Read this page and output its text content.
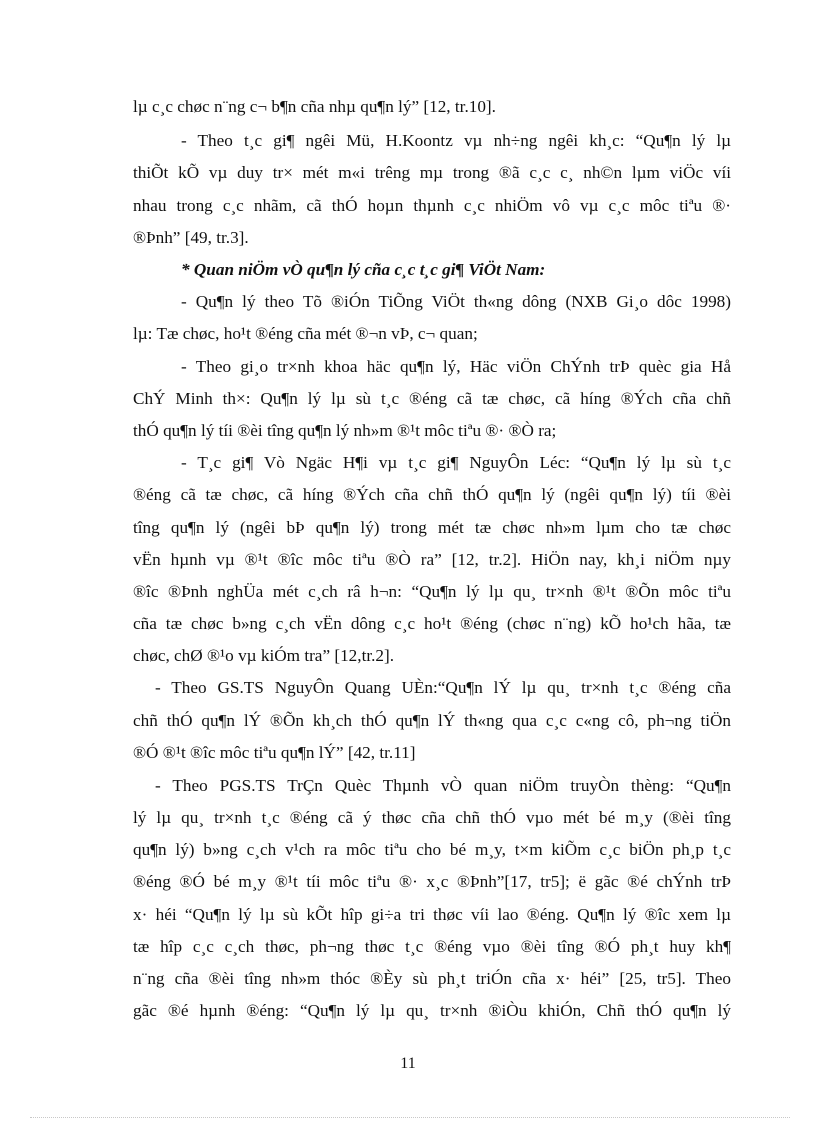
lµ c¸c chøc n¨ng c¬ b¶n cña nhµ qu¶n lý” [12, tr.10].
- Theo t¸c gi¶ ngêi Mü, H.Koontz vµ nh÷ng ngêi kh¸c: “Qu¶n lý lµ
thiÕt kÕ vµ duy tr× mét m«i trêng mµ trong ®ã c¸c c¸ nh©n lµm viÖc víi
nhau trong c¸c nhãm, cã thÓ hoµn thµnh c¸c nhiÖm vô vµ c¸c môc tiªu ®·
®Þnh” [49, tr.3].
* Quan niÖm vÒ qu¶n lý cña c¸c t¸c gi¶ ViÖt Nam:
- Qu¶n lý theo Tõ ®iÓn TiÕng ViÖt th«ng dông (NXB Gi¸o dôc 1998)
lµ: Tæ chøc, ho¹t ®éng cña mét ®¬n vÞ, c¬ quan;
- Theo gi¸o tr×nh khoa häc qu¶n lý, Häc viÖn ChÝnh trÞ quèc gia Hå
ChÝ Minh th×: Qu¶n lý lµ sù t¸c ®éng cã tæ chøc, cã híng ®Ých cña chñ
thÓ qu¶n lý tíi ®èi tîng qu¶n lý nh»m ®¹t môc tiªu ®· ®Ò ra;
- T¸c gi¶ Vò Ngäc H¶i vµ t¸c gi¶ NguyÔn Léc: “Qu¶n lý lµ sù t¸c
®éng cã tæ chøc, cã híng ®Ých cña chñ thÓ qu¶n lý (ngêi qu¶n lý) tíi ®èi
tîng qu¶n lý (ngêi bÞ qu¶n lý) trong mét tæ chøc nh»m lµm cho tæ chøc
vËn hµnh vµ ®¹t ®îc môc tiªu ®Ò ra” [12, tr.2]. HiÖn nay, kh¸i niÖm nµy
®îc ®Þnh nghÜa mét c¸ch râ h¬n: “Qu¶n lý lµ qu¸ tr×nh ®¹t ®Õn môc tiªu
cña tæ chøc b»ng c¸ch vËn dông c¸c ho¹t ®éng (chøc n¨ng) kÕ ho¹ch hãa, tæ
chøc, chØ ®¹o vµ kiÓm tra” [12,tr.2].
- Theo GS.TS NguyÔn Quang UÈn:“Qu¶n lÝ lµ qu¸ tr×nh t¸c ®éng cña
chñ thÓ qu¶n lÝ ®Õn kh¸ch thÓ qu¶n lÝ th«ng qua c¸c c«ng cô, ph¬ng tiÖn
®Ó ®¹t ®îc môc tiªu qu¶n lÝ” [42, tr.11]
- Theo PGS.TS TrÇn Quèc Thµnh vÒ quan niÖm truyÒn thèng: “Qu¶n
lý lµ qu¸ tr×nh t¸c ®éng cã ý thøc cña chñ thÓ vµo mét bé m¸y (®èi tîng
qu¶n lý) b»ng c¸ch v¹ch ra môc tiªu cho bé m¸y, t×m kiÕm c¸c biÖn ph¸p t¸c
®éng ®Ó bé m¸y ®¹t tíi môc tiªu ®· x¸c ®Þnh”[17, tr5]; ë gãc ®é chÝnh trÞ
x· héi “Qu¶n lý lµ sù kÕt hîp gi÷a tri thøc víi lao ®éng. Qu¶n lý ®îc xem lµ
tæ hîp c¸c c¸ch thøc, ph¬ng thøc t¸c ®éng vµo ®èi tîng ®Ó ph¸t huy kh¶
n¨ng cña ®èi tîng nh»m thóc ®Èy sù ph¸t triÓn cña x· héi” [25, tr5]. Theo
gãc ®é hµnh ®éng: “Qu¶n lý lµ qu¸ tr×nh ®iÒu khiÓn, Chñ thÓ qu¶n lý
11
